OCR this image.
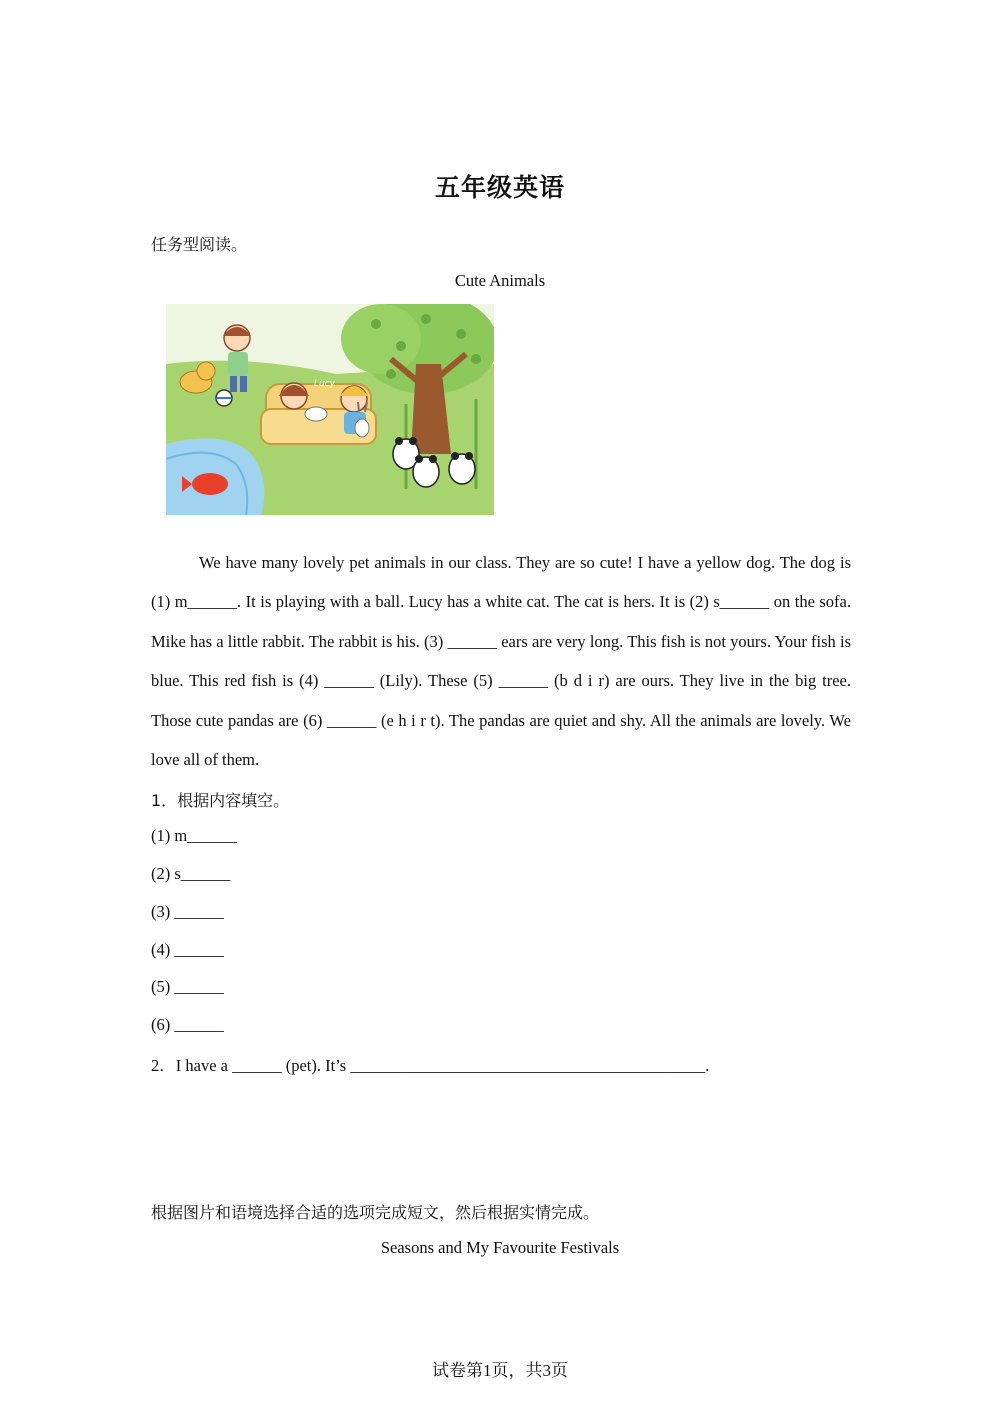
五年级英语
任务型阅读。
Cute Animals
Lucy
We have many lovely pet animals in our class. They are so cute! I have a yellow dog. The dog is (1) m______. It is playing with a ball. Lucy has a white cat. The cat is hers. It is (2) s______ on the sofa. Mike has a little rabbit. The rabbit is his. (3) ______ ears are very long. This fish is not yours. Your fish is blue. This red fish is (4) ______ (Lily). These (5) ______ (b d i r) are ours. They live in the big tree. Those cute pandas are (6) ______ (e h i r t). The pandas are quiet and shy. All the animals are lovely. We love all of them.
1．根据内容填空。
(1) m______
(2) s______
(3) ______
(4) ______
(5) ______
(6) ______
2．I have a ______ (pet). It’s ___________________________________________.
根据图片和语境选择合适的选项完成短文，然后根据实情完成。
Seasons and My Favourite Festivals
试卷第1页，共3页
